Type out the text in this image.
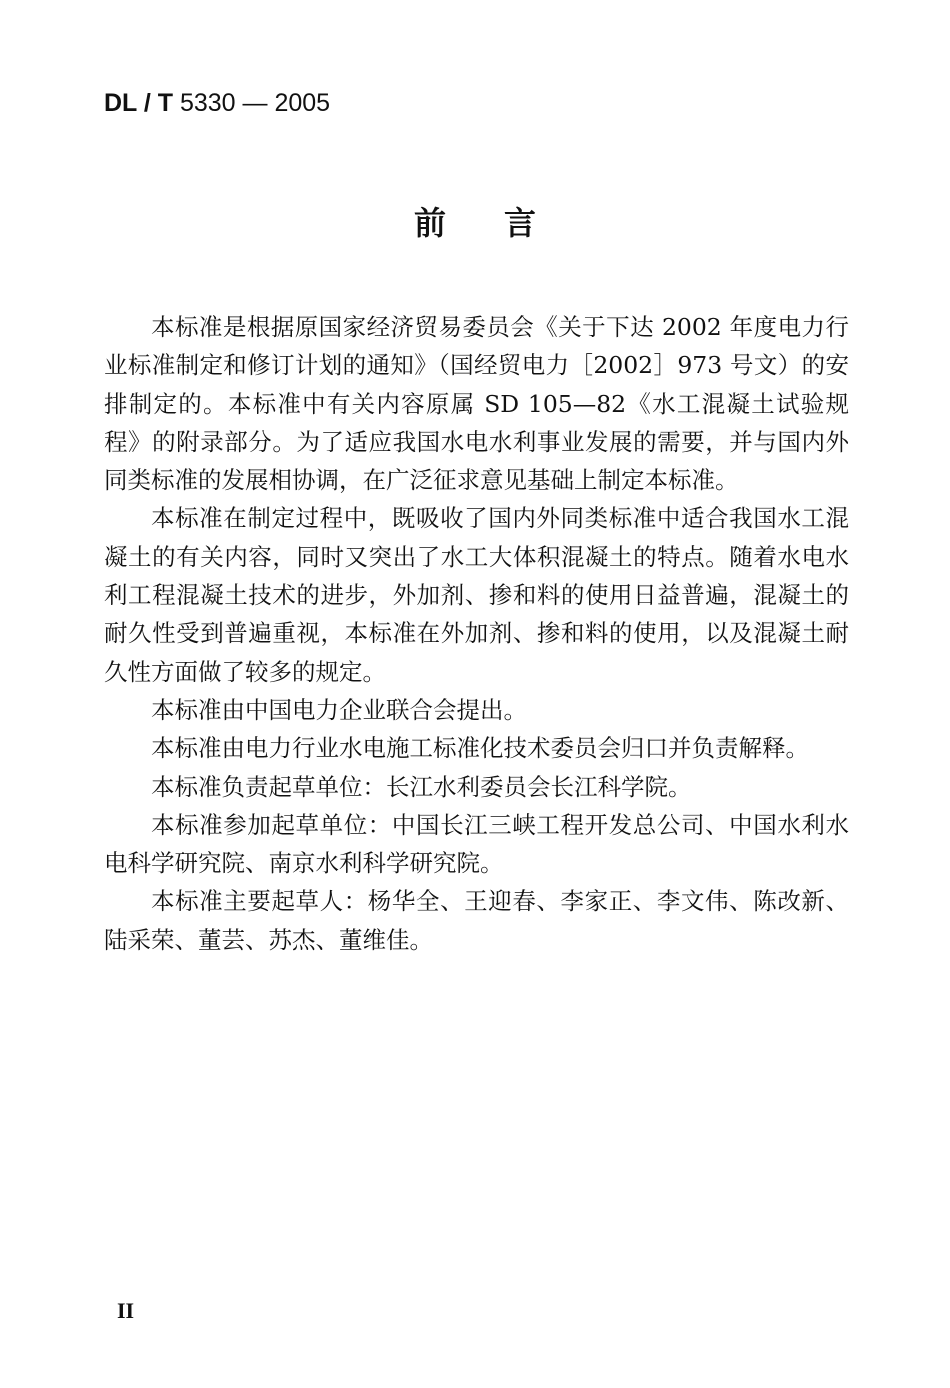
DL / T 5330 — 2005
前言

本标准是根据原国家经济贸易委员会《关于下达 2002 年度电力行业标准制定和修订计划的通知》（国经贸电力［2002］973 号文）的安排制定的。本标准中有关内容原属 SD 105—82《水工混凝土试验规程》的附录部分。为了适应我国水电水利事业发展的需要，并与国内外同类标准的发展相协调，在广泛征求意见基础上制定本标准。

本标准在制定过程中，既吸收了国内外同类标准中适合我国水工混凝土的有关内容，同时又突出了水工大体积混凝土的特点。随着水电水利工程混凝土技术的进步，外加剂、掺和料的使用日益普遍，混凝土的耐久性受到普遍重视，本标准在外加剂、掺和料的使用，以及混凝土耐久性方面做了较多的规定。

本标准由中国电力企业联合会提出。

本标准由电力行业水电施工标准化技术委员会归口并负责解释。

本标准负责起草单位：长江水利委员会长江科学院。

本标准参加起草单位：中国长江三峡工程开发总公司、中国水利水电科学研究院、南京水利科学研究院。

本标准主要起草人：杨华全、王迎春、李家正、李文伟、陈改新、陆采荣、董芸、苏杰、董维佳。

II
